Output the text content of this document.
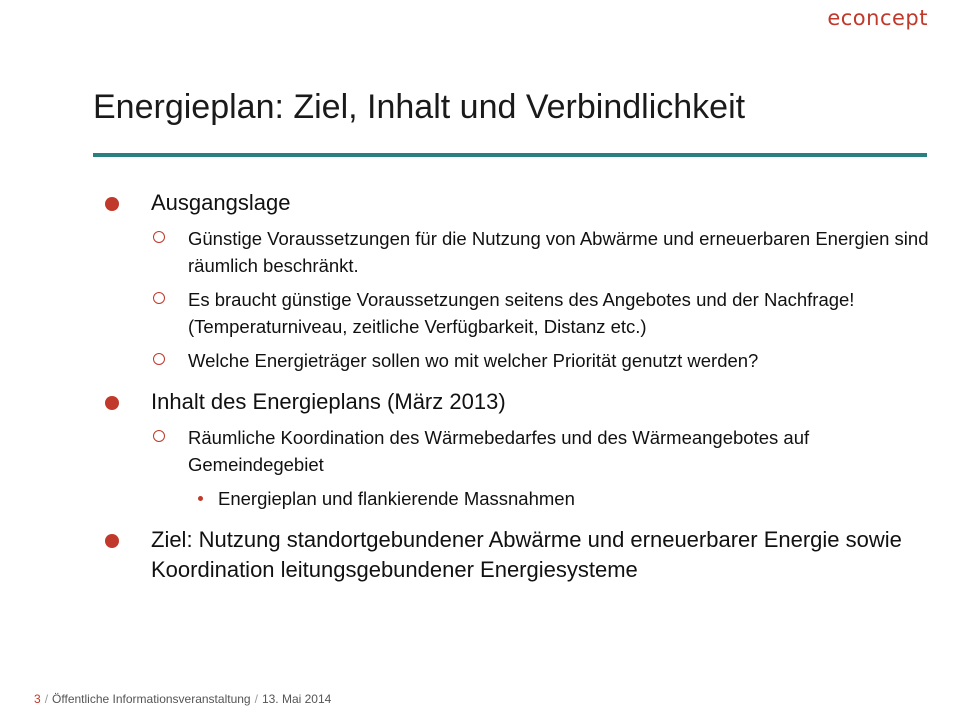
econcept
Energieplan: Ziel, Inhalt und Verbindlichkeit
Ausgangslage
Günstige Voraussetzungen für die Nutzung von Abwärme und erneuerbaren Energien sind räumlich beschränkt.
Es braucht günstige Voraussetzungen seitens des Angebotes und der Nachfrage! (Temperaturniveau, zeitliche Verfügbarkeit, Distanz etc.)
Welche Energieträger sollen wo mit welcher Priorität genutzt werden?
Inhalt des Energieplans (März 2013)
Räumliche Koordination des Wärmebedarfes und des Wärmeangebotes auf Gemeindegebiet
Energieplan und flankierende Massnahmen
Ziel: Nutzung standortgebundener Abwärme und erneuerbarer Energie sowie Koordination leitungsgebundener Energiesysteme
3 / Öffentliche Informationsveranstaltung / 13. Mai 2014
